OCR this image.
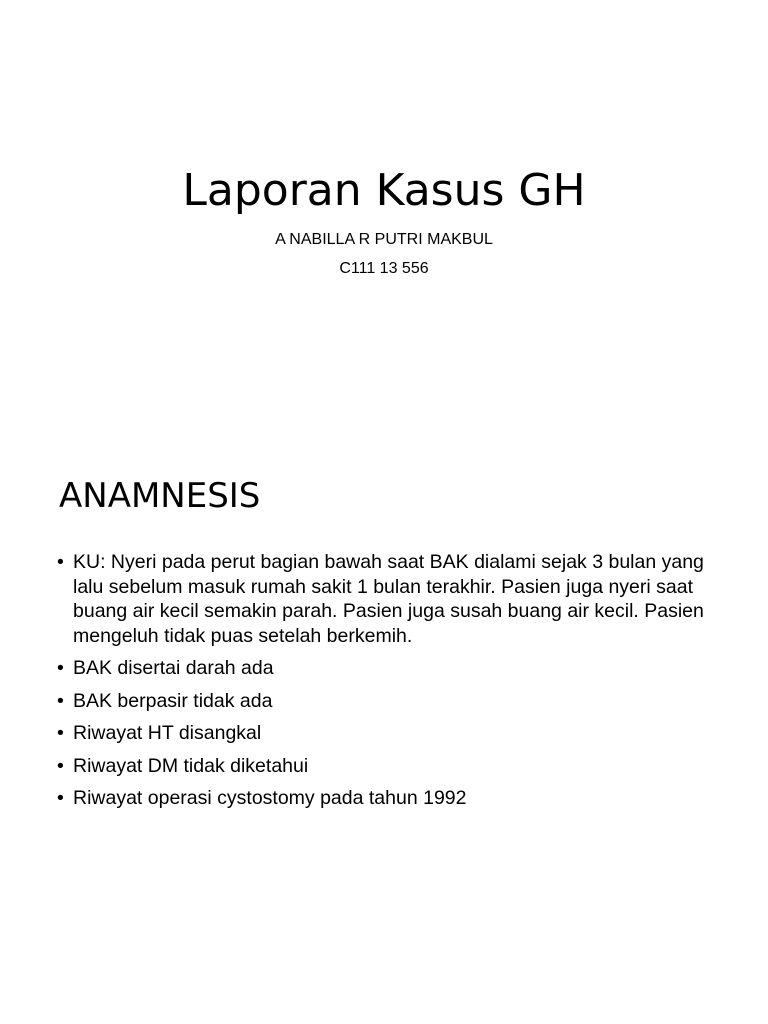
Laporan Kasus GH
A NABILLA R PUTRI MAKBUL
C111 13 556
ANAMNESIS
• KU: Nyeri pada perut bagian bawah saat BAK dialami sejak 3 bulan yang lalu sebelum masuk rumah sakit 1 bulan terakhir. Pasien juga nyeri saat buang air kecil semakin parah. Pasien juga susah buang air kecil. Pasien mengeluh tidak puas setelah berkemih.
• BAK disertai darah ada
• BAK berpasir tidak ada
• Riwayat HT disangkal
• Riwayat DM tidak diketahui
• Riwayat operasi cystostomy pada tahun 1992
